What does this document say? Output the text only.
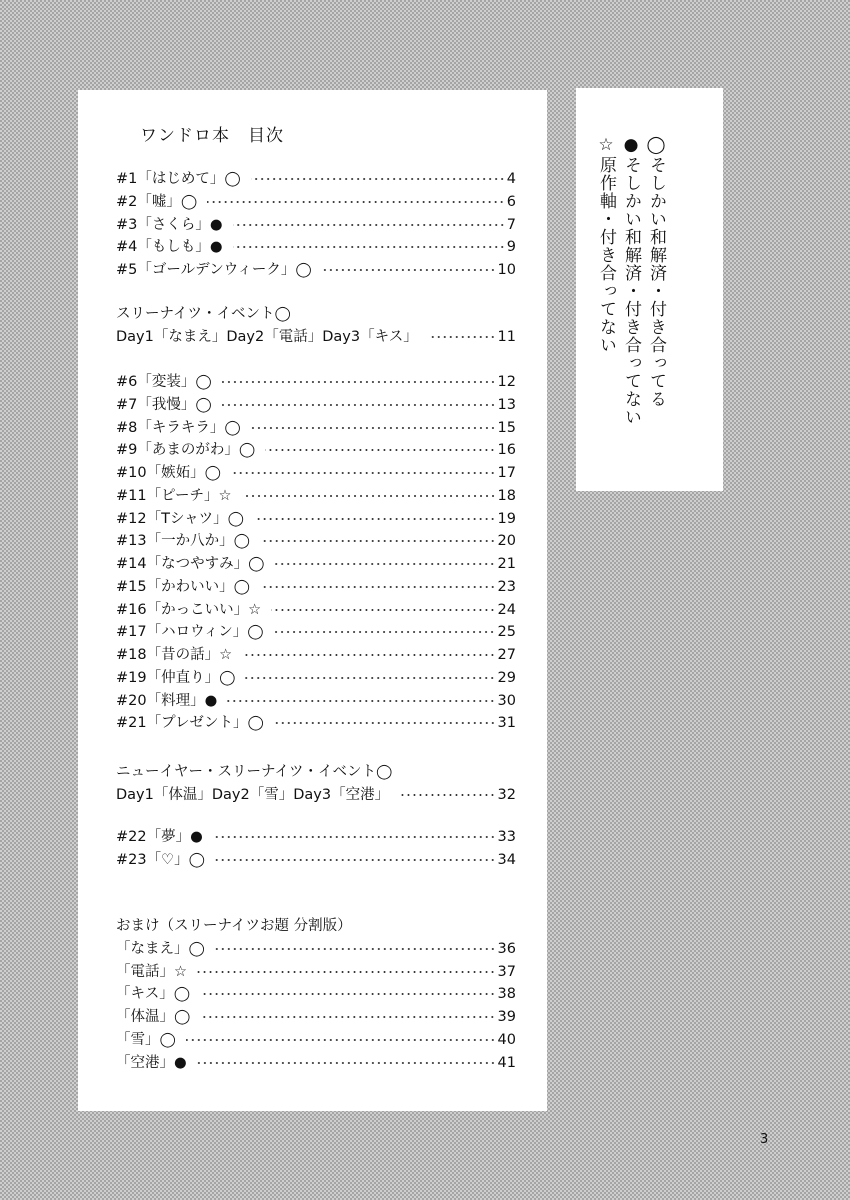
ワンドロ本　目次
#1「はじめて」◯	4
#2「嘘」◯	6
#3「さくら」●	7
#4「もしも」●	9
#5「ゴールデンウィーク」◯	10
スリーナイツ・イベント◯
Day1「なまえ」Day2「電話」Day3「キス」	11
#6「変装」◯	12
#7「我慢」◯	13
#8「キラキラ」◯	15
#9「あまのがわ」◯	16
#10「嫉妬」◯	17
#11「ピーチ」☆	18
#12「Tシャツ」◯	19
#13「一か八か」◯	20
#14「なつやすみ」◯	21
#15「かわいい」◯	23
#16「かっこいい」☆	24
#17「ハロウィン」◯	25
#18「昔の話」☆	27
#19「仲直り」◯	29
#20「料理」●	30
#21「プレゼント」◯	31
ニューイヤー・スリーナイツ・イベント◯
Day1「体温」Day2「雪」Day3「空港」	32
#22「夢」●	33
#23「♡」◯	34
おまけ（スリーナイツお題 分割版）
「なまえ」◯	36
「電話」☆	37
「キス」◯	38
「体温」◯	39
「雪」◯	40
「空港」●	41
◯そしかい和解済・付き合ってる
●そしかい和解済・付き合ってない
☆原作軸・付き合ってない
3
